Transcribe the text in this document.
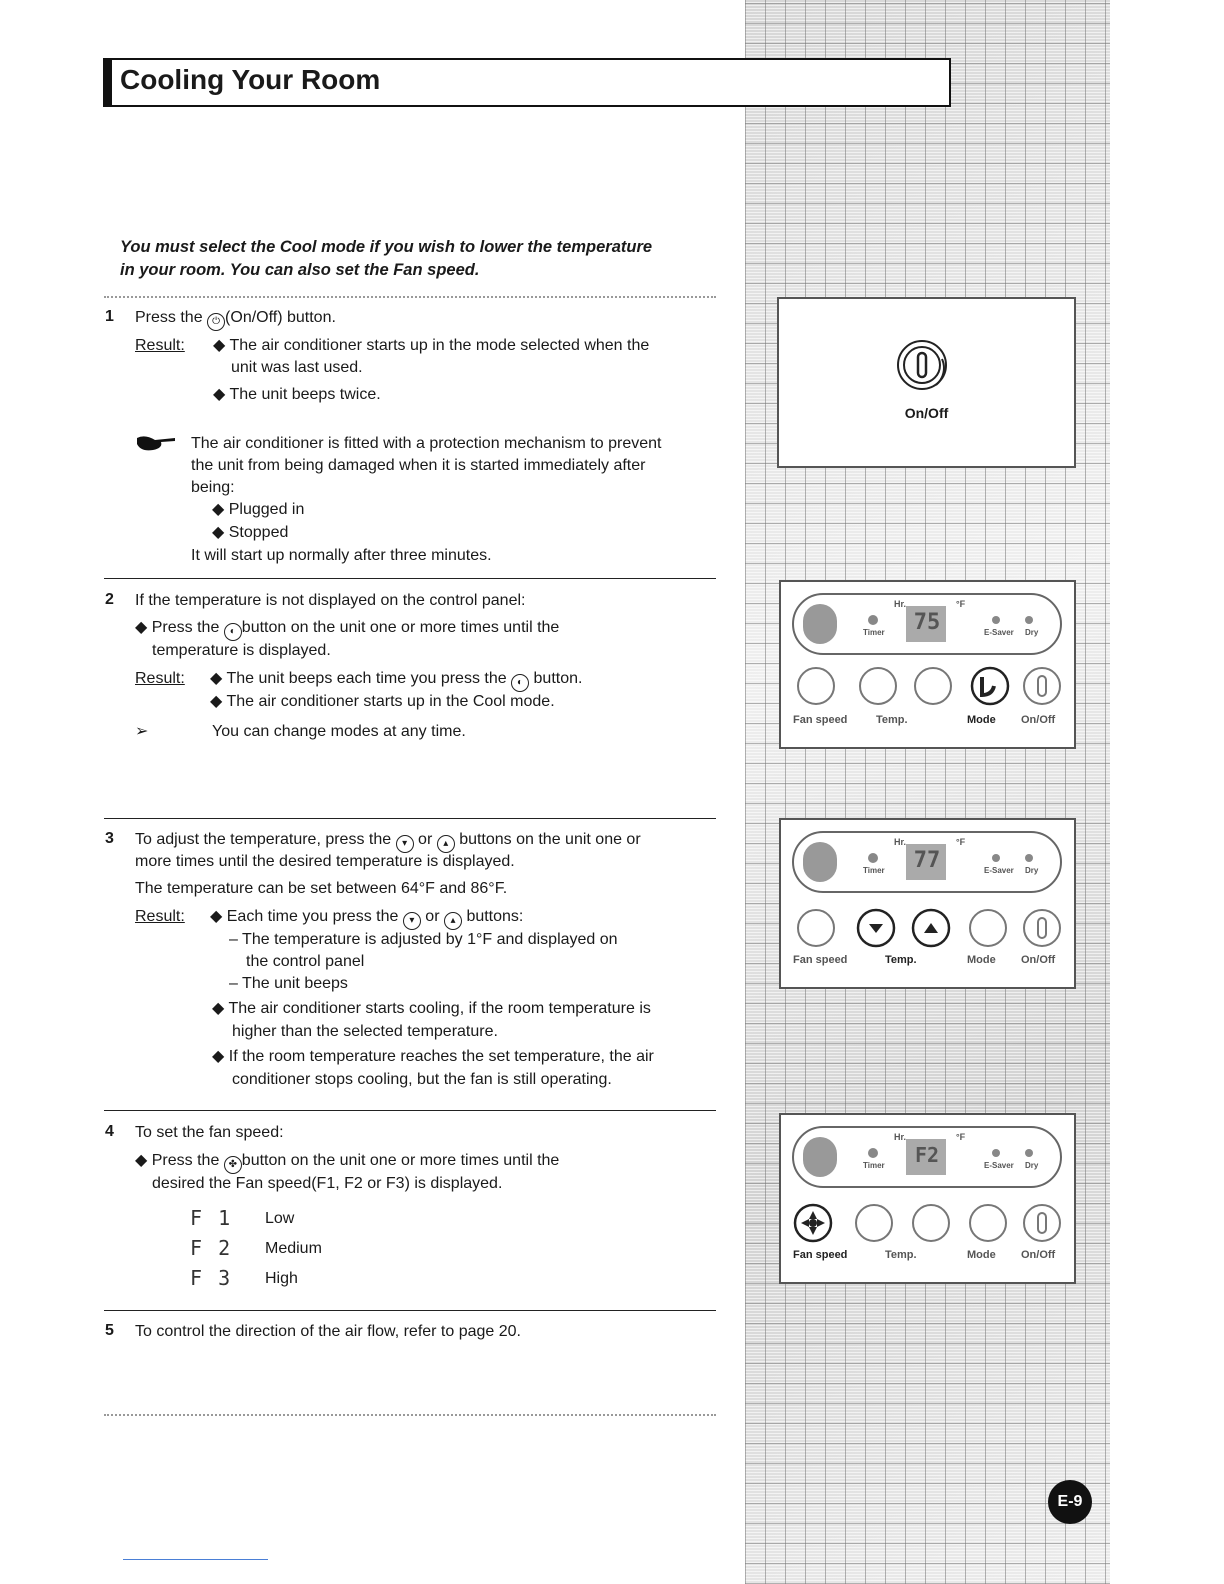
Cooling Your Room
You must select the Cool mode if you wish to lower the temperature
in your room. You can also set the Fan speed.
1 Press the ⏻ (On/Off) button.
Result: ◆ The air conditioner starts up in the mode selected when the
unit was last used.
◆ The unit beeps twice.
The air conditioner is fitted with a protection mechanism to prevent
the unit from being damaged when it is started immediately after
being:
◆ Plugged in
◆ Stopped
It will start up normally after three minutes.
2 If the temperature is not displayed on the control panel:
◆ Press the ◐ button on the unit one or more times until the
temperature is displayed.
Result: ◆ The unit beeps each time you press the ◐ button.
◆ The air conditioner starts up in the Cool mode.
➢	You can change modes at any time.
3 To adjust the temperature, press the ▾ or ▴ buttons on the unit one or
more times until the desired temperature is displayed.
The temperature can be set between 64°F and 86°F.
Result: ◆ Each time you press the ▾ or ▴ buttons:
– The temperature is adjusted by 1°F and displayed on
the control panel
– The unit beeps
◆ The air conditioner starts cooling, if the room temperature is
higher than the selected temperature.
◆ If the room temperature reaches the set temperature, the air
conditioner stops cooling, but the fan is still operating.
4 To set the fan speed:
◆ Press the ✤ button on the unit one or more times until the
desired the Fan speed(F1, F2 or F3) is displayed.
F 1	Low
F 2	Medium
F 3	High
5 To control the direction of the air flow, refer to page 20.
On/Off
75
Hr.	°F
Timer	E-Saver Dry
Fan speed	Temp.	Mode On/Off
77
Hr.	°F
Timer	E-Saver Dry
Fan speed	Temp.	Mode On/Off
F2
Hr.	°F
Timer	E-Saver Dry
Fan speed	Temp.	Mode On/Off
E-9
